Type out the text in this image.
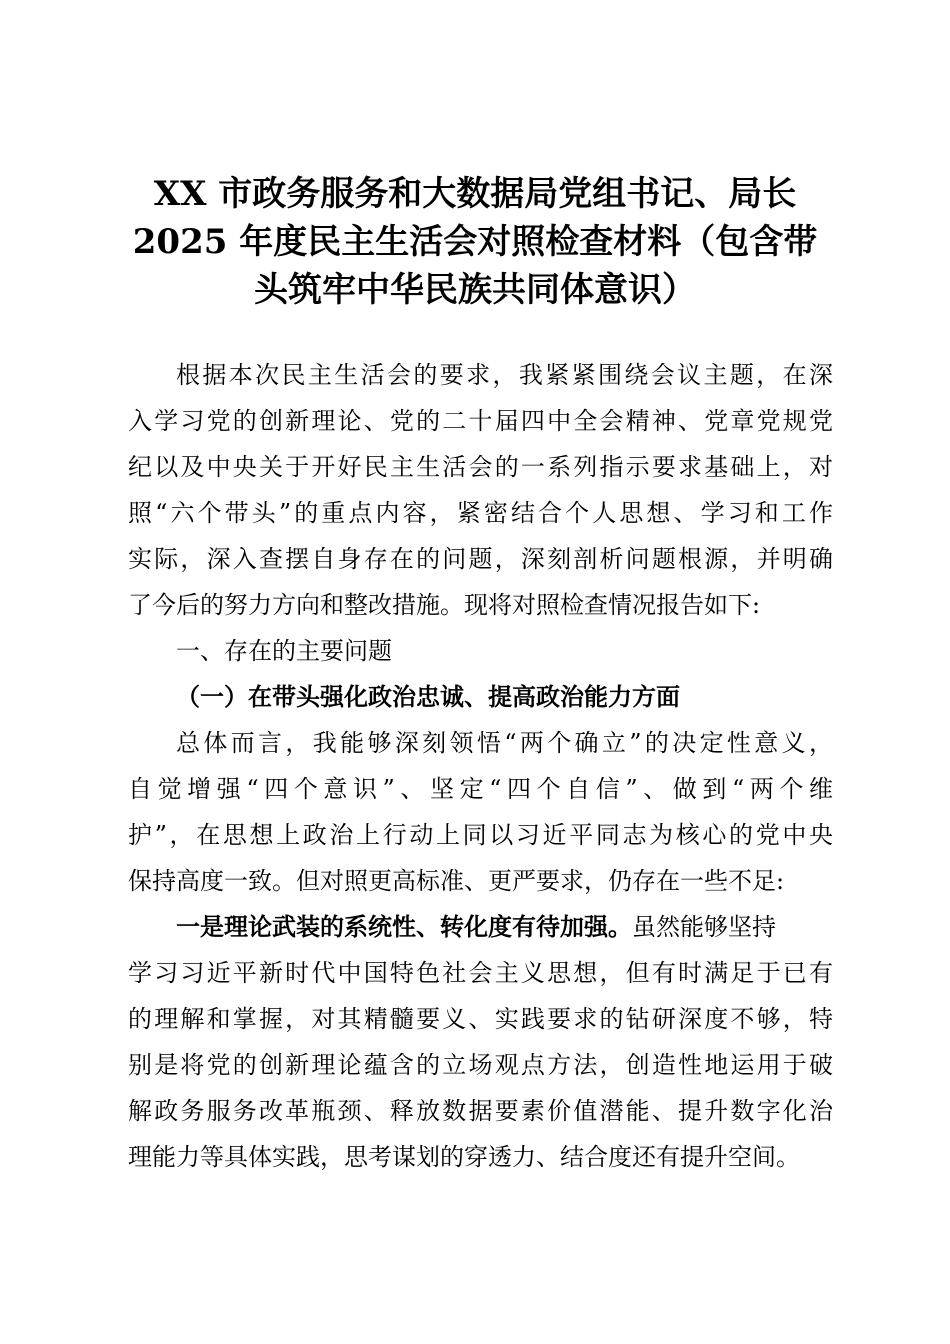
XX 市政务服务和大数据局党组书记、局长
2025 年度民主生活会对照检查材料（包含带
头筑牢中华民族共同体意识）
根据本次民主生活会的要求，我紧紧围绕会议主题，在深
入学习党的创新理论、党的二十届四中全会精神、党章党规党
纪以及中央关于开好民主生活会的一系列指示要求基础上，对
照“六个带头”的重点内容，紧密结合个人思想、学习和工作
实际，深入查摆自身存在的问题，深刻剖析问题根源，并明确
了今后的努力方向和整改措施。现将对照检查情况报告如下:
一、存在的主要问题
（一）在带头强化政治忠诚、提高政治能力方面
总体而言，我能够深刻领悟“两个确立”的决定性意义，
自觉增强“四个意识”、坚定“四个自信”、做到“两个维
护”，在思想上政治上行动上同以习近平同志为核心的党中央
保持高度一致。但对照更高标准、更严要求，仍存在一些不足:
一是理论武装的系统性、转化度有待加强。虽然能够坚持
学习习近平新时代中国特色社会主义思想，但有时满足于已有
的理解和掌握，对其精髓要义、实践要求的钻研深度不够，特
别是将党的创新理论蕴含的立场观点方法，创造性地运用于破
解政务服务改革瓶颈、释放数据要素价值潜能、提升数字化治
理能力等具体实践，思考谋划的穿透力、结合度还有提升空间。
